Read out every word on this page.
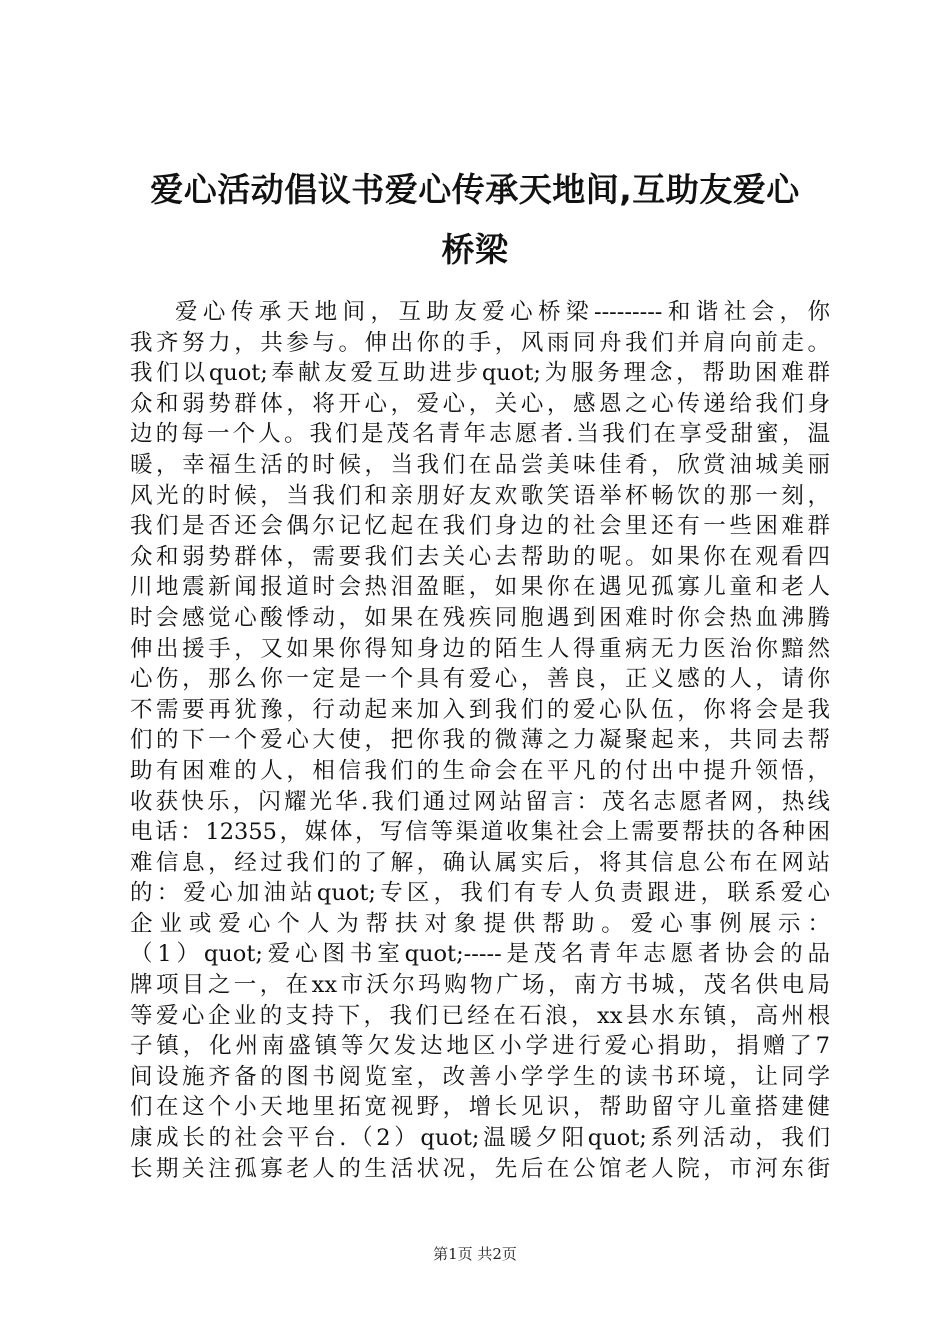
爱心活动倡议书爱心传承天地间,互助友爱心
桥梁
爱心传承天地间，互助友爱心桥梁---------和谐社会，你
我齐努力，共参与。伸出你的手，风雨同舟我们并肩向前走。
我们以quot;奉献友爱互助进步quot;为服务理念，帮助困难群
众和弱势群体，将开心，爱心，关心，感恩之心传递给我们身
边的每一个人。我们是茂名青年志愿者.当我们在享受甜蜜，温
暖，幸福生活的时候，当我们在品尝美味佳肴，欣赏油城美丽
风光的时候，当我们和亲朋好友欢歌笑语举杯畅饮的那一刻，
我们是否还会偶尔记忆起在我们身边的社会里还有一些困难群
众和弱势群体，需要我们去关心去帮助的呢。如果你在观看四
川地震新闻报道时会热泪盈眶，如果你在遇见孤寡儿童和老人
时会感觉心酸悸动，如果在残疾同胞遇到困难时你会热血沸腾
伸出援手，又如果你得知身边的陌生人得重病无力医治你黯然
心伤，那么你一定是一个具有爱心，善良，正义感的人，请你
不需要再犹豫，行动起来加入到我们的爱心队伍，你将会是我
们的下一个爱心大使，把你我的微薄之力凝聚起来，共同去帮
助有困难的人，相信我们的生命会在平凡的付出中提升领悟，
收获快乐，闪耀光华.我们通过网站留言：茂名志愿者网，热线
电话：12355，媒体，写信等渠道收集社会上需要帮扶的各种困
难信息，经过我们的了解，确认属实后，将其信息公布在网站
的：爱心加油站quot;专区，我们有专人负责跟进，联系爱心
企业或爱心个人为帮扶对象提供帮助。爱心事例展示：
（1）quot;爱心图书室quot;-----是茂名青年志愿者协会的品
牌项目之一，在xx市沃尔玛购物广场，南方书城，茂名供电局
等爱心企业的支持下，我们已经在石浪，xx县水东镇，高州根
子镇，化州南盛镇等欠发达地区小学进行爱心捐助，捐赠了7
间设施齐备的图书阅览室，改善小学学生的读书环境，让同学
们在这个小天地里拓宽视野，增长见识，帮助留守儿童搭建健
康成长的社会平台.（2）quot;温暖夕阳quot;系列活动，我们
长期关注孤寡老人的生活状况，先后在公馆老人院，市河东街
第1页 共2页
